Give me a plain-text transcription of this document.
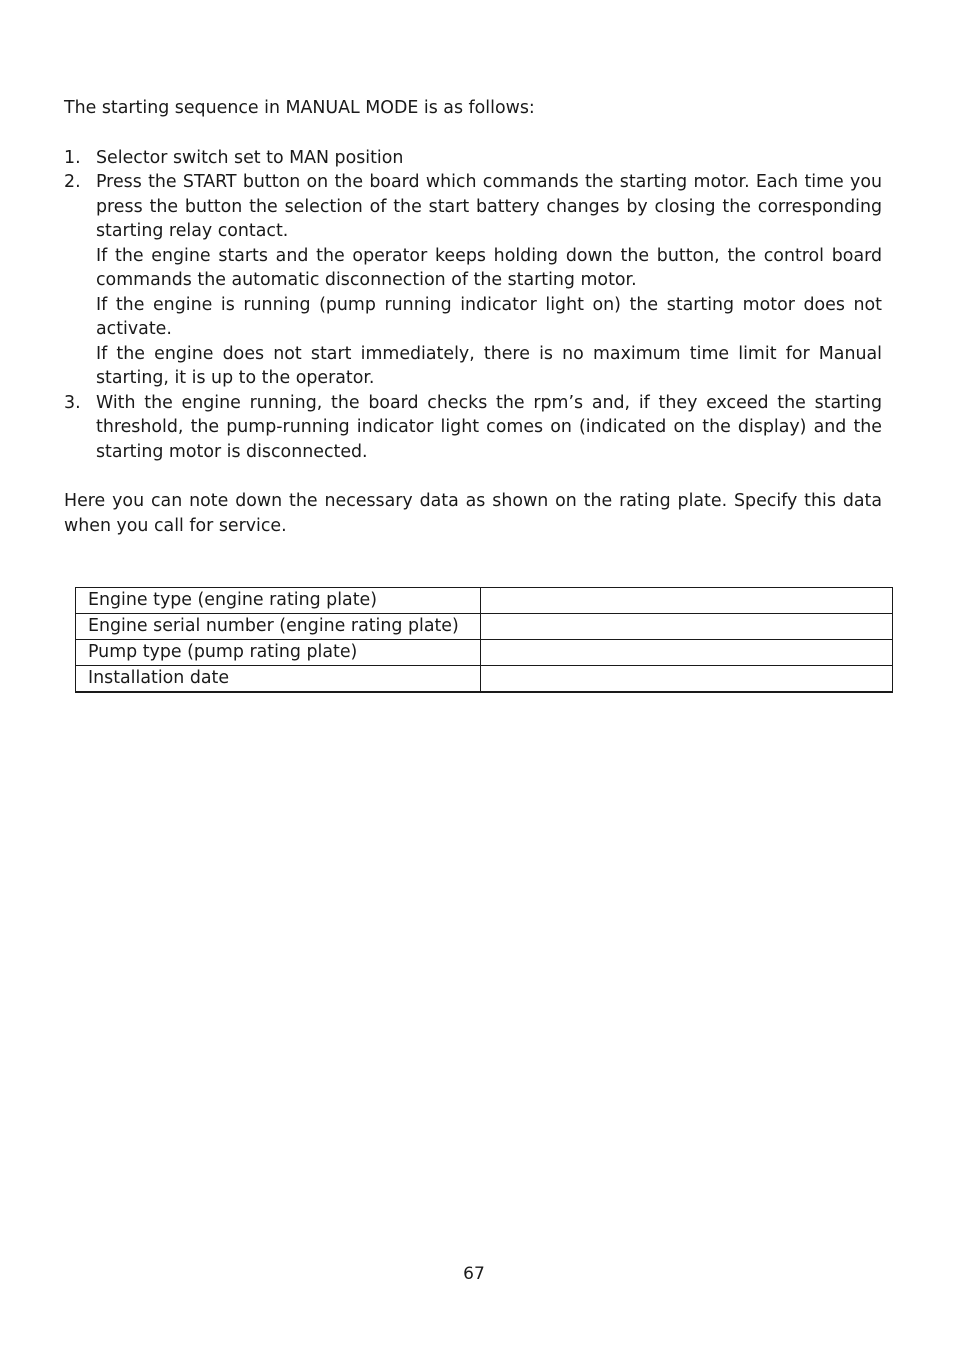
The starting sequence in MANUAL MODE is as follows:

1. Selector switch set to MAN position
2. Press the START button on the board which commands the starting motor. Each time you press the button the selection of the start battery changes by closing the corresponding starting relay contact.
If the engine starts and the operator keeps holding down the button, the control board commands the automatic disconnection of the starting motor.
If the engine is running (pump running indicator light on) the starting motor does not activate.
If the engine does not start immediately, there is no maximum time limit for Manual starting, it is up to the operator.
3. With the engine running, the board checks the rpm’s and, if they exceed the starting threshold, the pump-running indicator light comes on (indicated on the display) and the starting motor is disconnected.

Here you can note down the necessary data as shown on the rating plate. Specify this data when you call for service.

Engine type (engine rating plate)	
Engine serial number (engine rating plate)	
Pump type (pump rating plate)	
Installation date	
67
